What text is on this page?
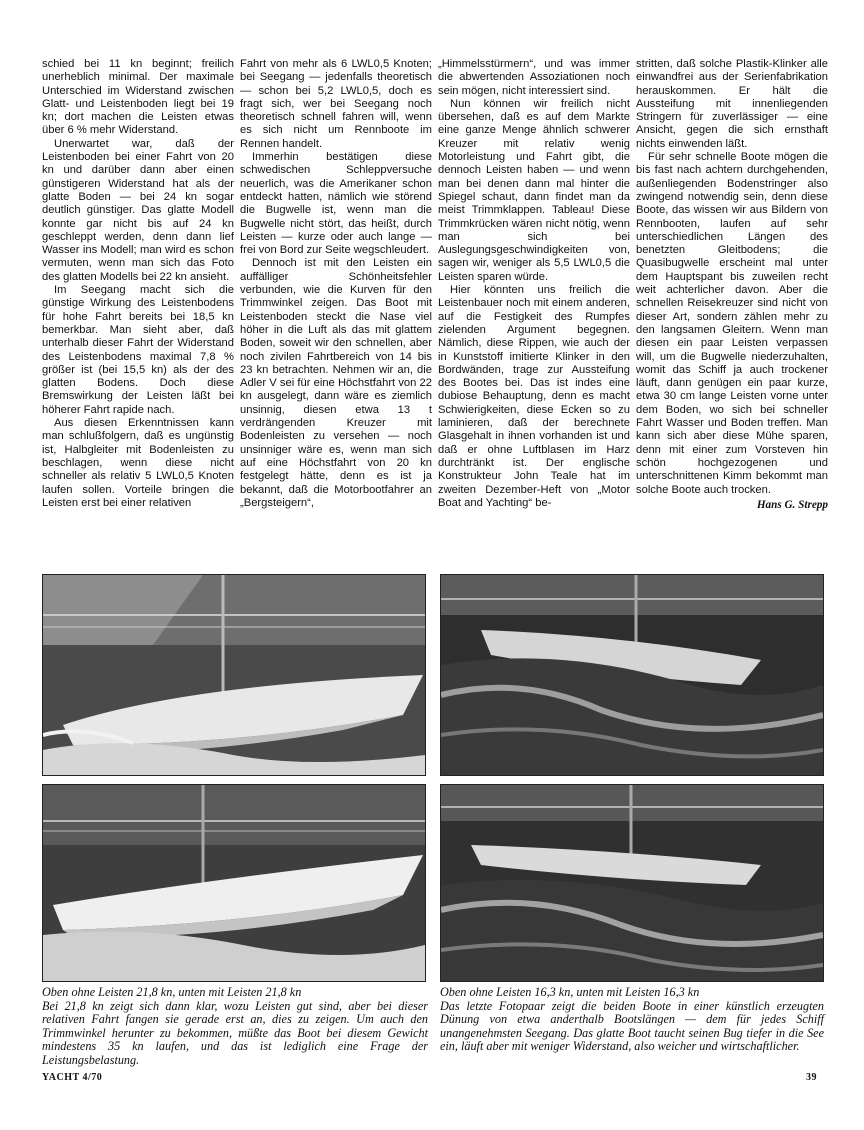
schied bei 11 kn beginnt; freilich unerheblich minimal. Der maximale Unterschied im Widerstand zwischen Glatt- und Leistenboden liegt bei 19 kn; dort machen die Leisten etwas über 6 % mehr Widerstand.

Unerwartet war, daß der Leistenboden bei einer Fahrt von 20 kn und darüber dann aber einen günstigeren Widerstand hat als der glatte Boden — bei 24 kn sogar deutlich günstiger. Das glatte Modell konnte gar nicht bis auf 24 kn geschleppt werden, denn dann lief Wasser ins Modell; man wird es schon vermuten, wenn man sich das Foto des glatten Modells bei 22 kn ansieht.

Im Seegang macht sich die günstige Wirkung des Leistenbodens für hohe Fahrt bereits bei 18,5 kn bemerkbar. Man sieht aber, daß unterhalb dieser Fahrt der Widerstand des Leistenbodens maximal 7,8 % größer ist (bei 15,5 kn) als der des glatten Bodens. Doch diese Bremswirkung der Leisten läßt bei höherer Fahrt rapide nach.

Aus diesen Erkenntnissen kann man schlußfolgern, daß es ungünstig ist, Halbgleiter mit Bodenleisten zu beschlagen, wenn diese nicht schneller als relativ 5 LWL0,5 Knoten laufen sollen. Vorteile bringen die Leisten erst bei einer relativen

Fahrt von mehr als 6 LWL0,5 Knoten; bei Seegang — jedenfalls theoretisch — schon bei 5,2 LWL0,5, doch es fragt sich, wer bei Seegang noch theoretisch schnell fahren will, wenn es sich nicht um Rennboote im Rennen handelt.

Immerhin bestätigen diese schwedischen Schleppversuche neuerlich, was die Amerikaner schon entdeckt hatten, nämlich wie störend die Bugwelle ist, wenn man die Bugwelle nicht stört, das heißt, durch Leisten — kurze oder auch lange — frei von Bord zur Seite wegschleudert.

Dennoch ist mit den Leisten ein auffälliger Schönheitsfehler verbunden, wie die Kurven für den Trimmwinkel zeigen. Das Boot mit Leistenboden steckt die Nase viel höher in die Luft als das mit glattem Boden, soweit wir den schnellen, aber noch zivilen Fahrtbereich von 14 bis 23 kn betrachten. Nehmen wir an, die Adler V sei für eine Höchstfahrt von 22 kn ausgelegt, dann wäre es ziemlich unsinnig, diesen etwa 13 t verdrängenden Kreuzer mit Bodenleisten zu versehen — noch unsinniger wäre es, wenn man sich auf eine Höchstfahrt von 20 kn festgelegt hätte, denn es ist ja bekannt, daß die Motorbootfahrer an „Bergsteigern“,

„Himmelsstürmern“, und was immer die abwertenden Assoziationen noch sein mögen, nicht interessiert sind.

Nun können wir freilich nicht übersehen, daß es auf dem Markte eine ganze Menge ähnlich schwerer Kreuzer mit relativ wenig Motorleistung und Fahrt gibt, die dennoch Leisten haben — und wenn man bei denen dann mal hinter die Spiegel schaut, dann findet man da meist Trimmklappen. Tableau! Diese Trimmkrücken wären nicht nötig, wenn man sich bei Auslegungsgeschwindigkeiten von, sagen wir, weniger als 5,5 LWL0,5 die Leisten sparen würde.

Hier könnten uns freilich die Leistenbauer noch mit einem anderen, auf die Festigkeit des Rumpfes zielenden Argument begegnen. Nämlich, diese Rippen, wie auch der in Kunststoff imitierte Klinker in den Bordwänden, trage zur Aussteifung des Bootes bei. Das ist indes eine dubiose Behauptung, denn es macht Schwierigkeiten, diese Ecken so zu laminieren, daß der berechnete Glasgehalt in ihnen vorhanden ist und daß er ohne Luftblasen im Harz durchtränkt ist. Der englische Konstrukteur John Teale hat im zweiten Dezember-Heft von „Motor Boat and Yachting“ be-

stritten, daß solche Plastik-Klinker alle einwandfrei aus der Serienfabrikation herauskommen. Er hält die Aussteifung mit innenliegenden Stringern für zuverlässiger — eine Ansicht, gegen die sich ernsthaft nichts einwenden läßt.

Für sehr schnelle Boote mögen die bis fast nach achtern durchgehenden, außenliegenden Bodenstringer also zwingend notwendig sein, denn diese Boote, das wissen wir aus Bildern von Rennbooten, laufen auf sehr unterschiedlichen Längen des benetzten Gleitbodens; die Quasibugwelle erscheint mal unter dem Hauptspant bis zuweilen recht weit achterlicher davon. Aber die schnellen Reisekreuzer sind nicht von dieser Art, sondern zählen mehr zu den langsamen Gleitern. Wenn man diesen ein paar Leisten verpassen will, um die Bugwelle niederzuhalten, womit das Schiff ja auch trockener läuft, dann genügen ein paar kurze, etwa 30 cm lange Leisten vorne unter dem Boden, wo sich bei schneller Fahrt Wasser und Boden treffen. Man kann sich aber diese Mühe sparen, denn mit einer zum Vorsteven hin schön hochgezogenen und unterschnittenen Kimm bekommt man solche Boote auch trocken.

Hans G. Strepp
Oben ohne Leisten 21,8 kn, unten mit Leisten 21,8 kn
Bei 21,8 kn zeigt sich dann klar, wozu Leisten gut sind, aber bei dieser relativen Fahrt fangen sie gerade erst an, dies zu zeigen. Um auch den Trimmwinkel herunter zu bekommen, müßte das Boot bei diesem Gewicht mindestens 35 kn laufen, und das ist lediglich eine Frage der Leistungsbelastung.
Oben ohne Leisten 16,3 kn, unten mit Leisten 16,3 kn
Das letzte Fotopaar zeigt die beiden Boote in einer künstlich erzeugten Dünung von etwa anderthalb Bootslängen — dem für jedes Schiff unangenehmsten Seegang. Das glatte Boot taucht seinen Bug tiefer in die See ein, läuft aber mit weniger Widerstand, also weicher und wirtschaftlicher.
YACHT 4/70	39
